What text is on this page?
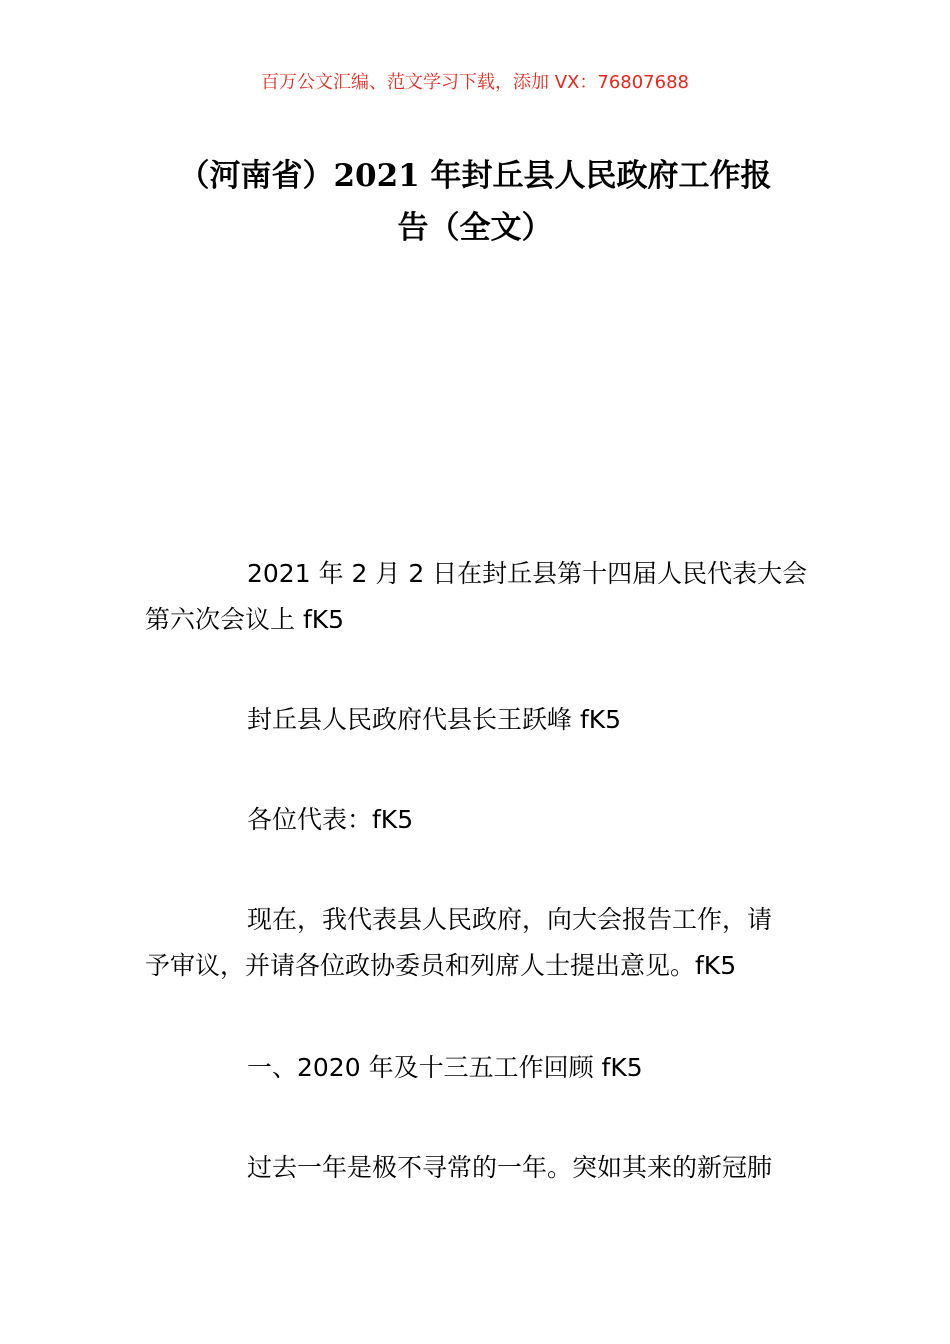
百万公文汇编、范文学习下载，添加 VX：76807688
（河南省）2021 年封丘县人民政府工作报
告（全文）
2021 年 2 月 2 日在封丘县第十四届人民代表大会
第六次会议上 fK5
封丘县人民政府代县长王跃峰 fK5
各位代表：fK5
现在，我代表县人民政府，向大会报告工作，请
予审议，并请各位政协委员和列席人士提出意见。fK5
一、2020 年及十三五工作回顾 fK5
过去一年是极不寻常的一年。突如其来的新冠肺
